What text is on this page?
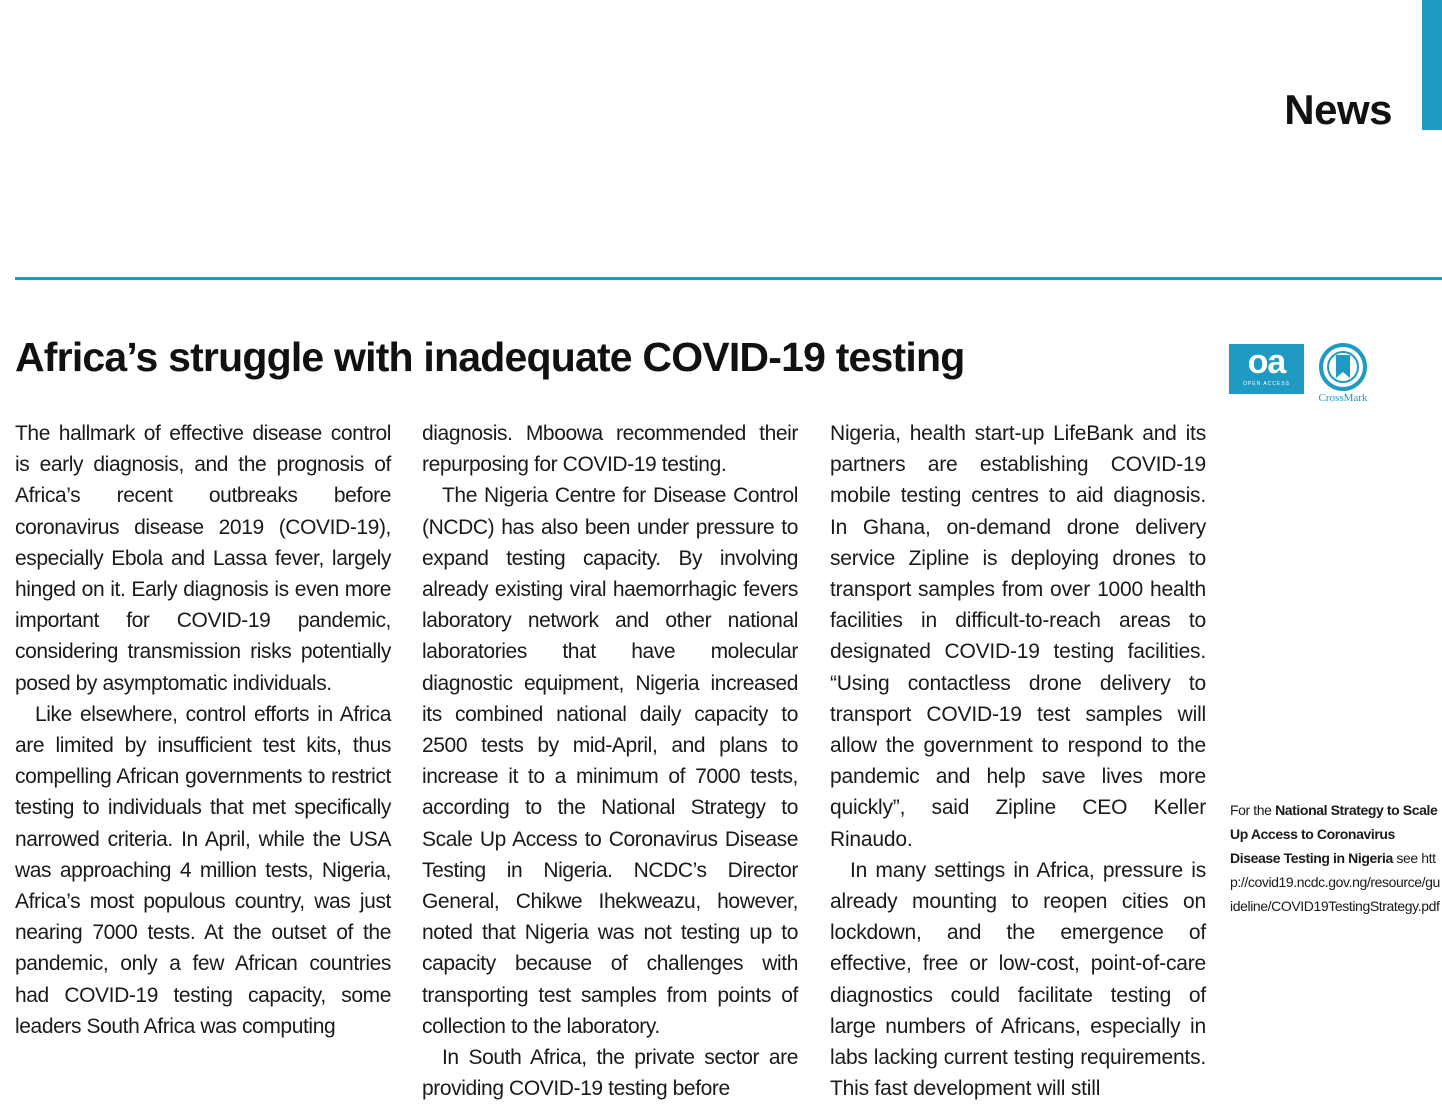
News
Africa’s struggle with inadequate COVID-19 testing	oa
OPEN ACCESS
CrossMark

The hallmark of effective disease control is early diagnosis, and the prognosis of Africa’s recent outbreaks before coronavirus disease 2019 (COVID-19), especially Ebola and Lassa fever, largely hinged on it. Early diagnosis is even more important for COVID-19 pandemic, considering transmission risks potentially posed by asymptomatic individuals.

Like elsewhere, control efforts in Africa are limited by insufficient test kits, thus compelling African governments to restrict testing to individuals that met specifically narrowed criteria. In April, while the USA was approaching 4 million tests, Nigeria, Africa’s most populous country, was just nearing 7000 tests. At the outset of the pandemic, only a few African countries had COVID-19 testing capacity, some leaders South Africa was computing

diagnosis. Mboowa recommended their repurposing for COVID-19 testing.

The Nigeria Centre for Disease Control (NCDC) has also been under pressure to expand testing capacity. By involving already existing viral haemorrhagic fevers laboratory network and other national laboratories that have molecular diagnostic equipment, Nigeria increased its combined national daily capacity to 2500 tests by mid-April, and plans to increase it to a minimum of 7000 tests, according to the National Strategy to Scale Up Access to Coronavirus Disease Testing in Nigeria. NCDC’s Director General, Chikwe Ihekweazu, however, noted that Nigeria was not testing up to capacity because of challenges with transporting test samples from points of collection to the laboratory.

In South Africa, the private sector are providing COVID-19 testing before

Nigeria, health start-up LifeBank and its partners are establishing COVID-19 mobile testing centres to aid diagnosis. In Ghana, on-demand drone delivery service Zipline is deploying drones to transport samples from over 1000 health facilities in difficult-to-reach areas to designated COVID-19 testing facilities. “Using contactless drone delivery to transport COVID-19 test samples will allow the government to respond to the pandemic and help save lives more quickly”, said Zipline CEO Keller Rinaudo.

In many settings in Africa, pressure is already mounting to reopen cities on lockdown, and the emergence of effective, free or low-cost, point-of-care diagnostics could facilitate testing of large numbers of Africans, especially in labs lacking current testing requirements. This fast development will still

For the National Strategy to Scale Up Access to Coronavirus Disease Testing in Nigeria see http://covid19.ncdc.gov.ng/resource/guideline/COVID19TestingStrategy.pdf
